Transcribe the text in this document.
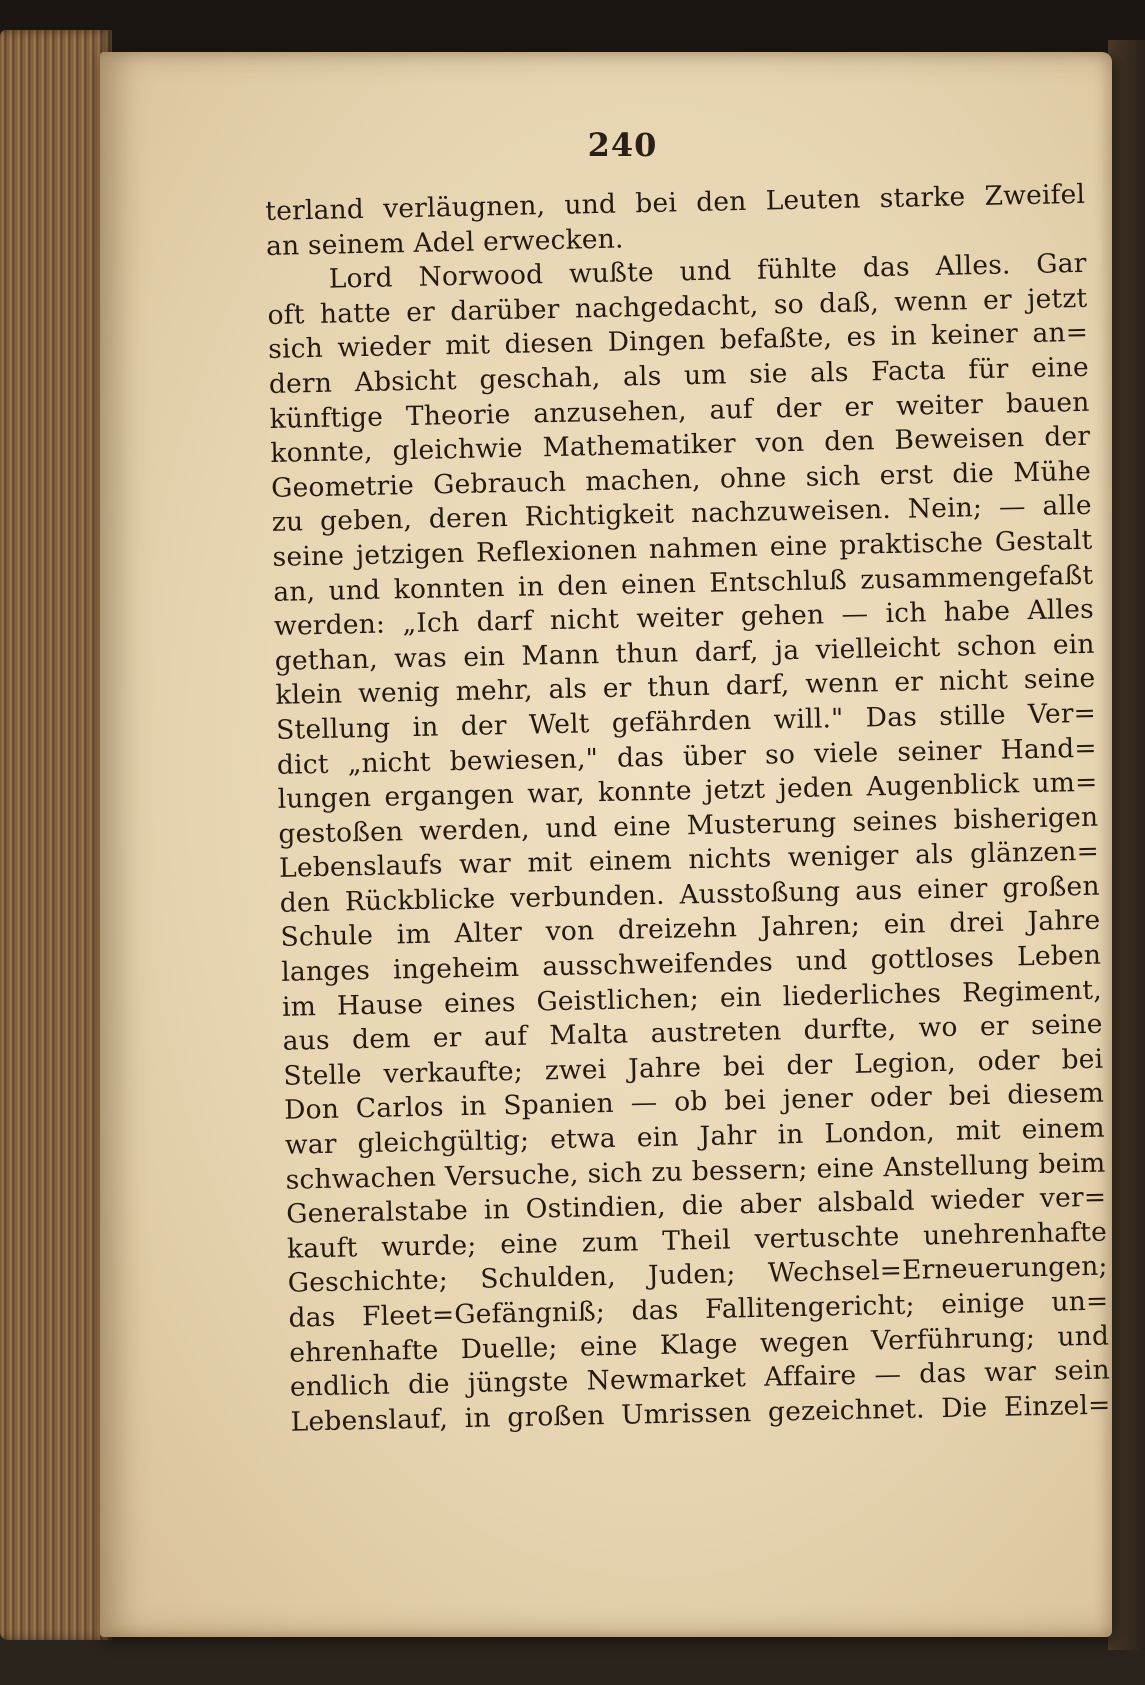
240
terland verläugnen, und bei den Leuten starke Zweifel
an seinem Adel erwecken.
Lord Norwood wußte und fühlte das Alles. Gar
oft hatte er darüber nachgedacht, so daß, wenn er jetzt
sich wieder mit diesen Dingen befaßte, es in keiner an=
dern Absicht geschah, als um sie als Facta für eine
künftige Theorie anzusehen, auf der er weiter bauen
konnte, gleichwie Mathematiker von den Beweisen der
Geometrie Gebrauch machen, ohne sich erst die Mühe
zu geben, deren Richtigkeit nachzuweisen. Nein; — alle
seine jetzigen Reflexionen nahmen eine praktische Gestalt
an, und konnten in den einen Entschluß zusammengefaßt
werden: „Ich darf nicht weiter gehen — ich habe Alles
gethan, was ein Mann thun darf, ja vielleicht schon ein
klein wenig mehr, als er thun darf, wenn er nicht seine
Stellung in der Welt gefährden will." Das stille Ver=
dict „nicht bewiesen," das über so viele seiner Hand=
lungen ergangen war, konnte jetzt jeden Augenblick um=
gestoßen werden, und eine Musterung seines bisherigen
Lebenslaufs war mit einem nichts weniger als glänzen=
den Rückblicke verbunden. Ausstoßung aus einer großen
Schule im Alter von dreizehn Jahren; ein drei Jahre
langes ingeheim ausschweifendes und gottloses Leben
im Hause eines Geistlichen; ein liederliches Regiment,
aus dem er auf Malta austreten durfte, wo er seine
Stelle verkaufte; zwei Jahre bei der Legion, oder bei
Don Carlos in Spanien — ob bei jener oder bei diesem
war gleichgültig; etwa ein Jahr in London, mit einem
schwachen Versuche, sich zu bessern; eine Anstellung beim
Generalstabe in Ostindien, die aber alsbald wieder ver=
kauft wurde; eine zum Theil vertuschte unehrenhafte
Geschichte; Schulden, Juden; Wechsel=Erneuerungen;
das Fleet=Gefängniß; das Fallitengericht; einige un=
ehrenhafte Duelle; eine Klage wegen Verführung; und
endlich die jüngste Newmarket Affaire — das war sein
Lebenslauf, in großen Umrissen gezeichnet. Die Einzel=
